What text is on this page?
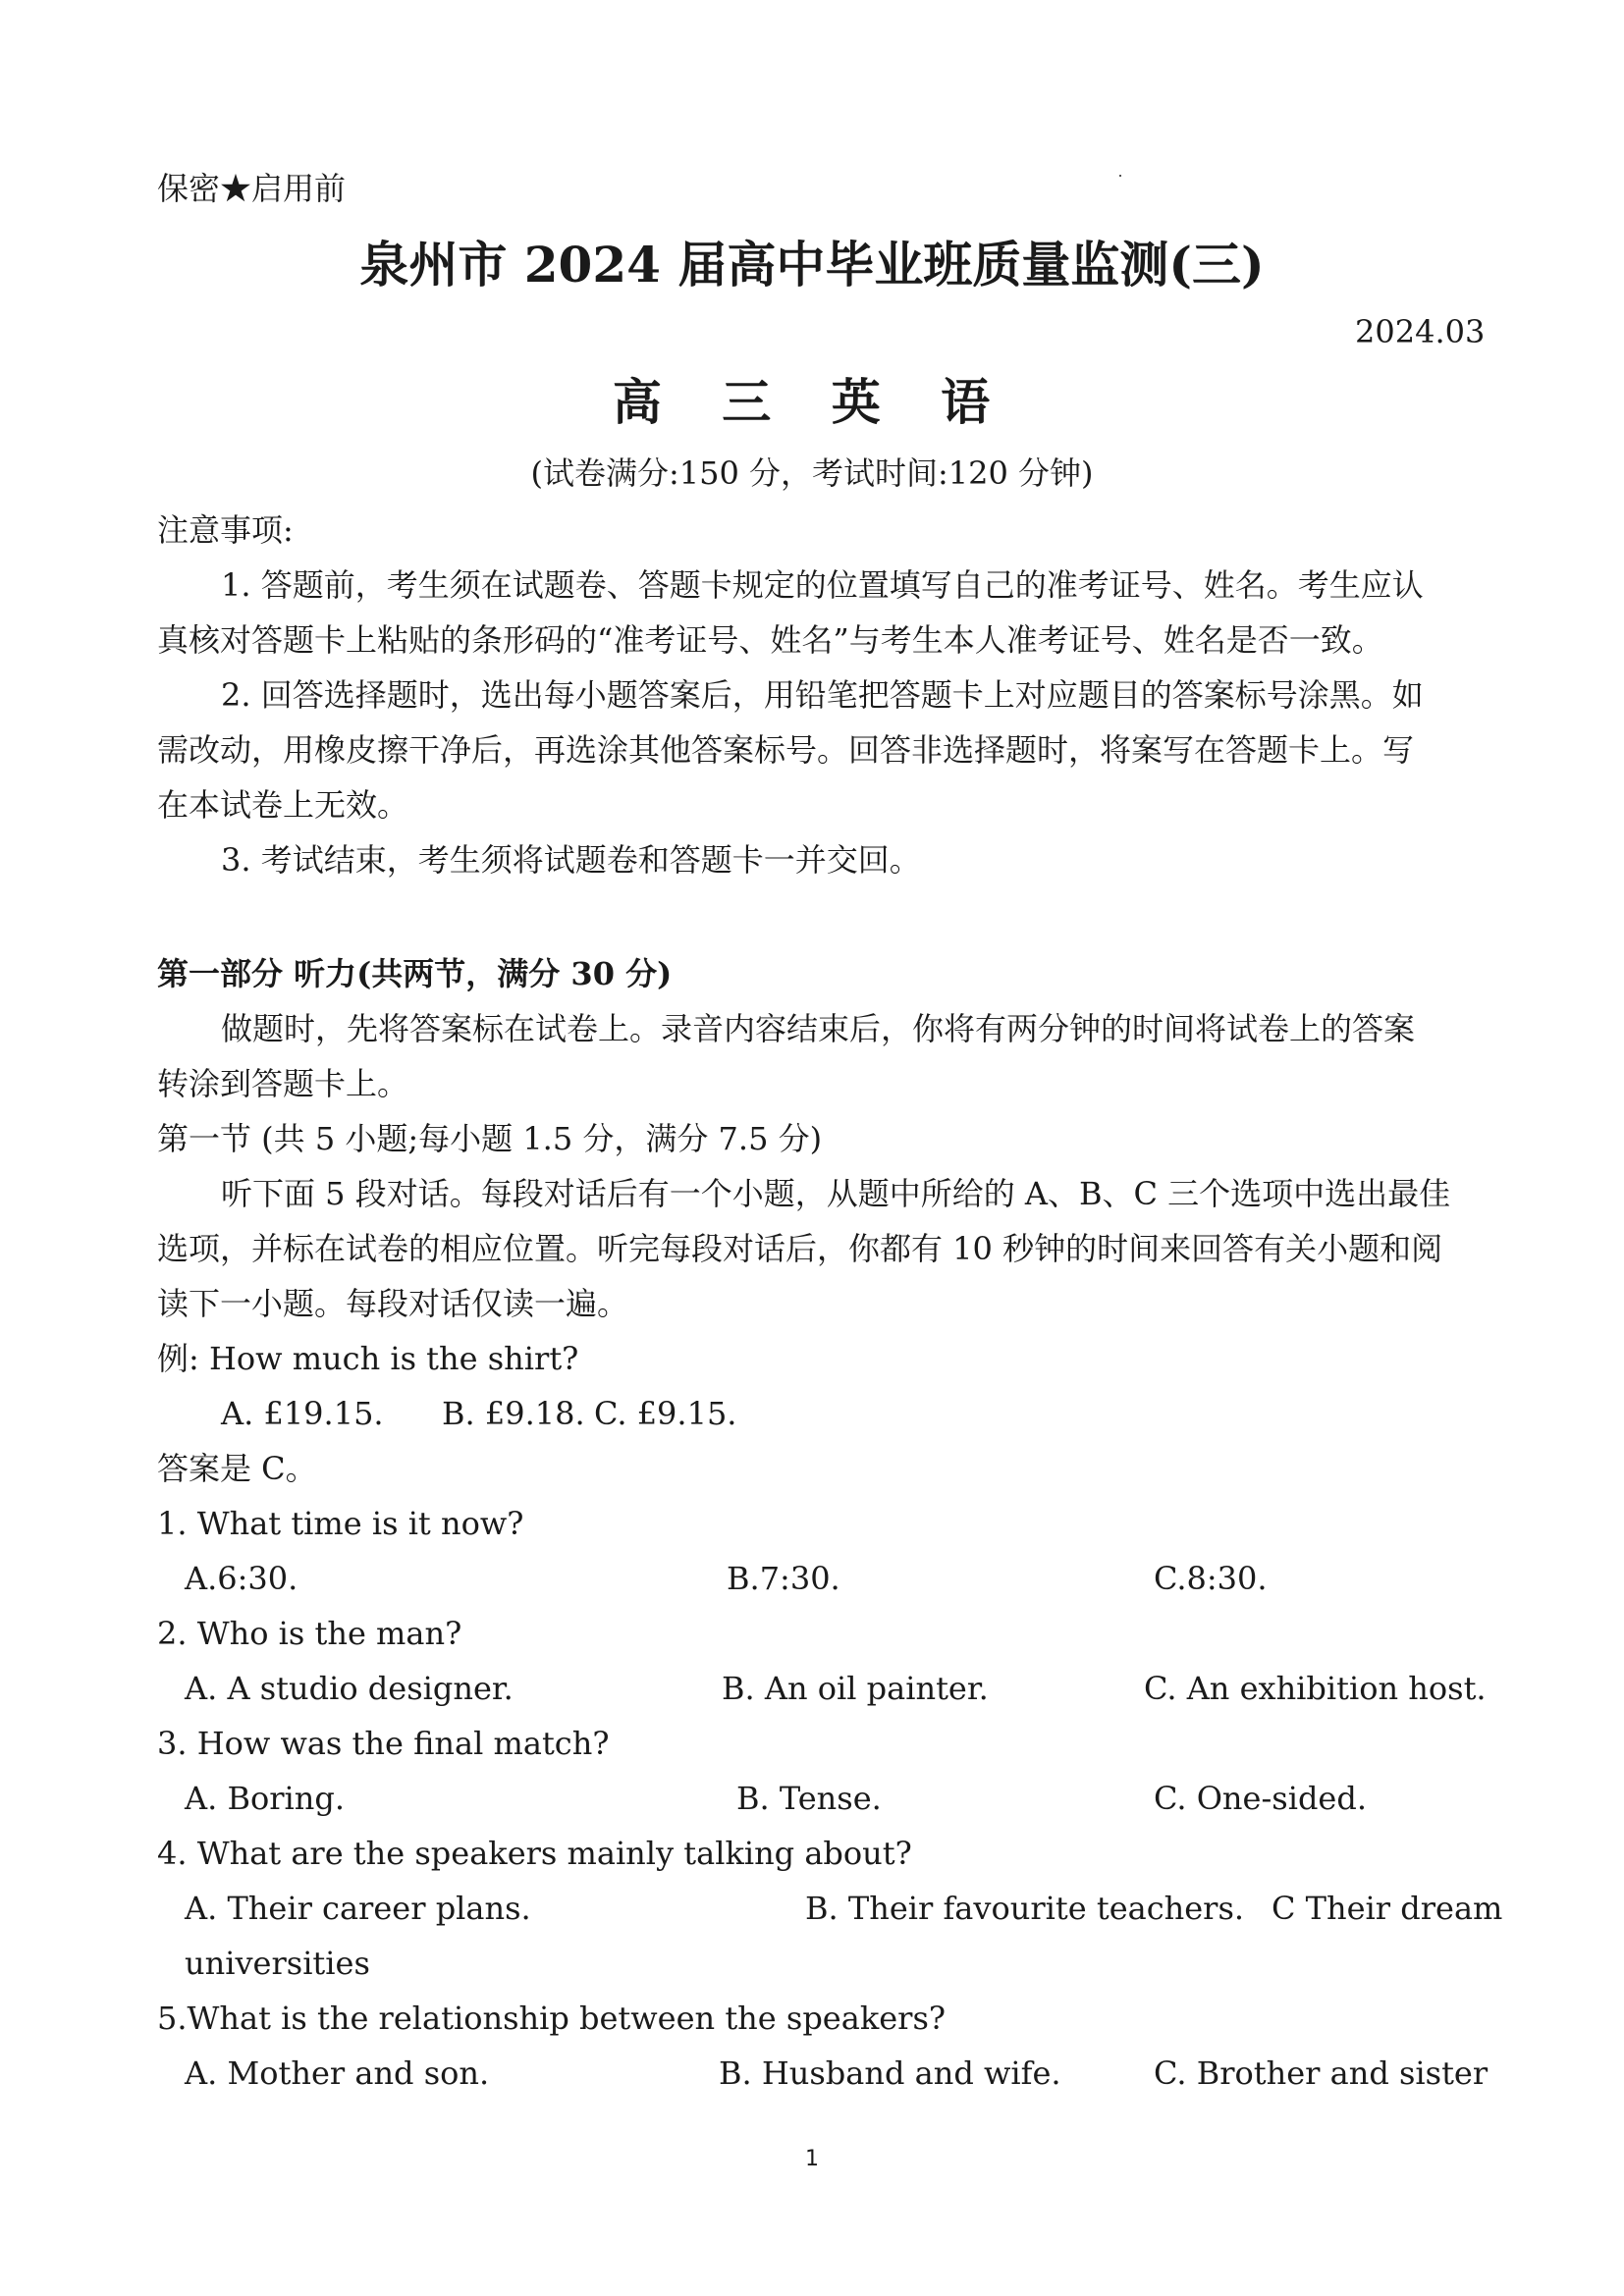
保密★启用前
泉州市 2024 届高中毕业班质量监测(三)
2024.03
高 三 英 语
(试卷满分:150 分，考试时间:120 分钟)
注意事项:
1. 答题前，考生须在试题卷、答题卡规定的位置填写自己的准考证号、姓名。考生应认
真核对答题卡上粘贴的条形码的“准考证号、姓名”与考生本人准考证号、姓名是否一致。
2. 回答选择题时，选出每小题答案后，用铅笔把答题卡上对应题目的答案标号涂黑。如
需改动，用橡皮擦干净后，再选涂其他答案标号。回答非选择题时，将案写在答题卡上。写
在本试卷上无效。
3. 考试结束，考生须将试题卷和答题卡一并交回。
第一部分 听力(共两节，满分 30 分)
做题时，先将答案标在试卷上。录音内容结束后，你将有两分钟的时间将试卷上的答案
转涂到答题卡上。
第一节 (共 5 小题;每小题 1.5 分，满分 7.5 分)
听下面 5 段对话。每段对话后有一个小题，从题中所给的 A、B、C 三个选项中选出最佳
选项，并标在试卷的相应位置。听完每段对话后，你都有 10 秒钟的时间来回答有关小题和阅
读下一小题。每段对话仅读一遍。
例: How much is the shirt?
A. £19.15. B. £9.18. C. £9.15.
答案是 C。
1. What time is it now?
A.6:30.	B.7:30.	C.8:30.
2. Who is the man?
A. A studio designer.	B. An oil painter.	C. An exhibition host.
3. How was the final match?
A. Boring.	B. Tense.	C. One-sided.
4. What are the speakers mainly talking about?
A. Their career plans.	B. Their favourite teachers. C Their dream
universities
5.What is the relationship between the speakers?
A. Mother and son.	B. Husband and wife.	C. Brother and sister
1
